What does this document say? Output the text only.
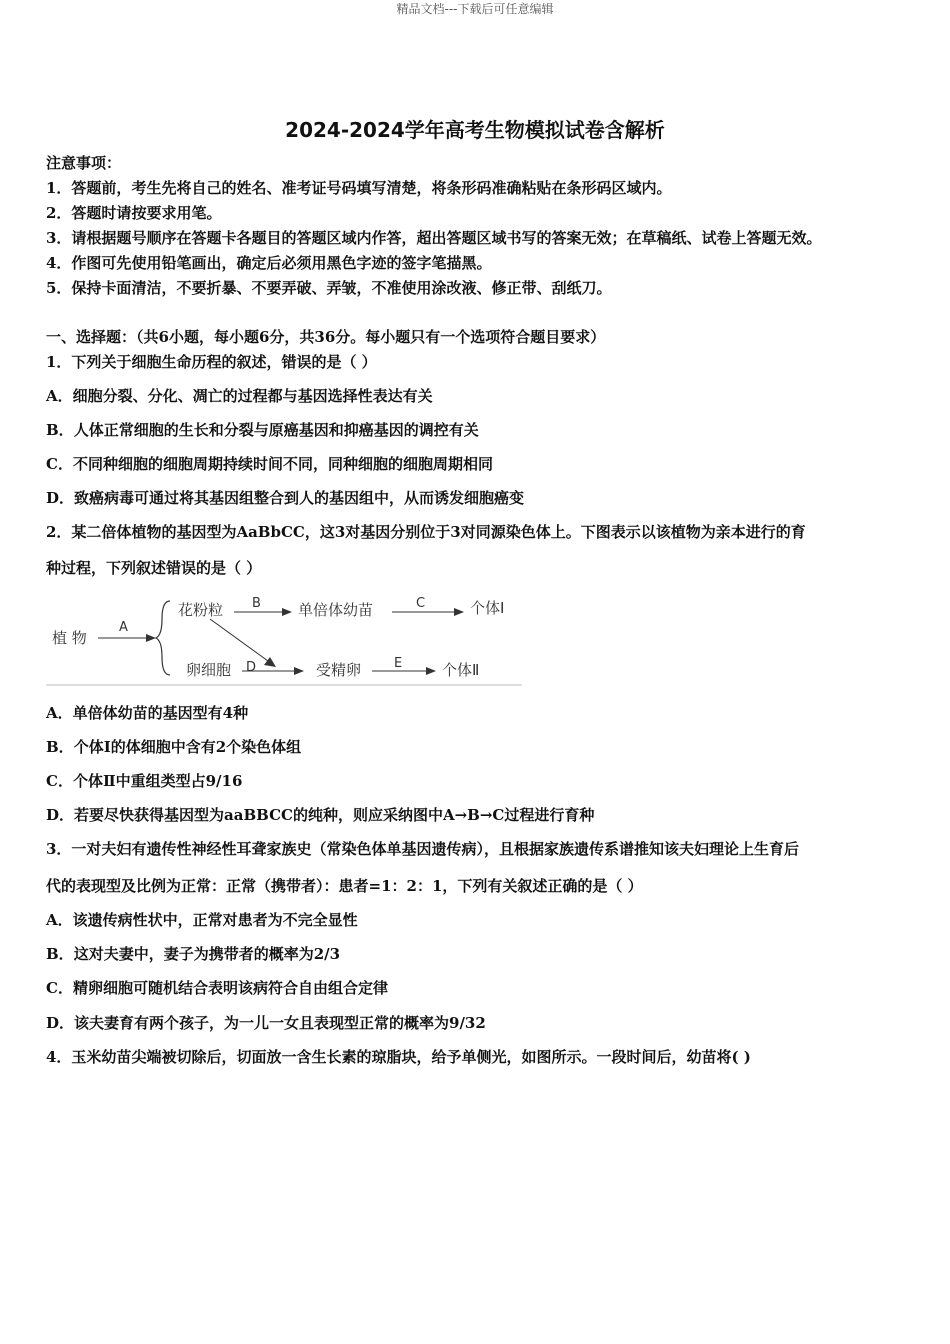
精品文档---下载后可任意编辑
2024-2024学年高考生物模拟试卷含解析
注意事项：
1．答题前，考生先将自己的姓名、准考证号码填写清楚，将条形码准确粘贴在条形码区域内。
2．答题时请按要求用笔。
3．请根据题号顺序在答题卡各题目的答题区域内作答，超出答题区域书写的答案无效；在草稿纸、试卷上答题无效。
4．作图可先使用铅笔画出，确定后必须用黑色字迹的签字笔描黑。
5．保持卡面清洁，不要折暴、不要弄破、弄皱，不准使用涂改液、修正带、刮纸刀。
一、选择题：（共6小题，每小题6分，共36分。每小题只有一个选项符合题目要求）
1．下列关于细胞生命历程的叙述，错误的是（ ）
A．细胞分裂、分化、凋亡的过程都与基因选择性表达有关
B．人体正常细胞的生长和分裂与原癌基因和抑癌基因的调控有关
C．不同种细胞的细胞周期持续时间不同，同种细胞的细胞周期相同
D．致癌病毒可通过将其基因组整合到人的基因组中，从而诱发细胞癌变
2．某二倍体植物的基因型为AaBbCC，这3对基因分别位于3对同源染色体上。下图表示以该植物为亲本进行的育
种过程，下列叙述错误的是（ ）
植 物
A
花粉粒 B 单倍体幼苗	C	个体Ⅰ
卵细胞 D	受精卵	E	个体Ⅱ
A．单倍体幼苗的基因型有4种
B．个体Ⅰ的体细胞中含有2个染色体组
C．个体Ⅱ中重组类型占9/16
D．若要尽快获得基因型为aaBBCC的纯种，则应采纳图中A→B→C过程进行育种
3．一对夫妇有遗传性神经性耳聋家族史（常染色体单基因遗传病），且根据家族遗传系谱推知该夫妇理论上生育后
代的表现型及比例为正常：正常（携带者）：患者=1：2：1，下列有关叙述正确的是（ ）
A．该遗传病性状中，正常对患者为不完全显性
B．这对夫妻中，妻子为携带者的概率为2/3
C．精卵细胞可随机结合表明该病符合自由组合定律
D．该夫妻育有两个孩子，为一儿一女且表现型正常的概率为9/32
4．玉米幼苗尖端被切除后，切面放一含生长素的琼脂块，给予单侧光，如图所示。一段时间后，幼苗将( )
